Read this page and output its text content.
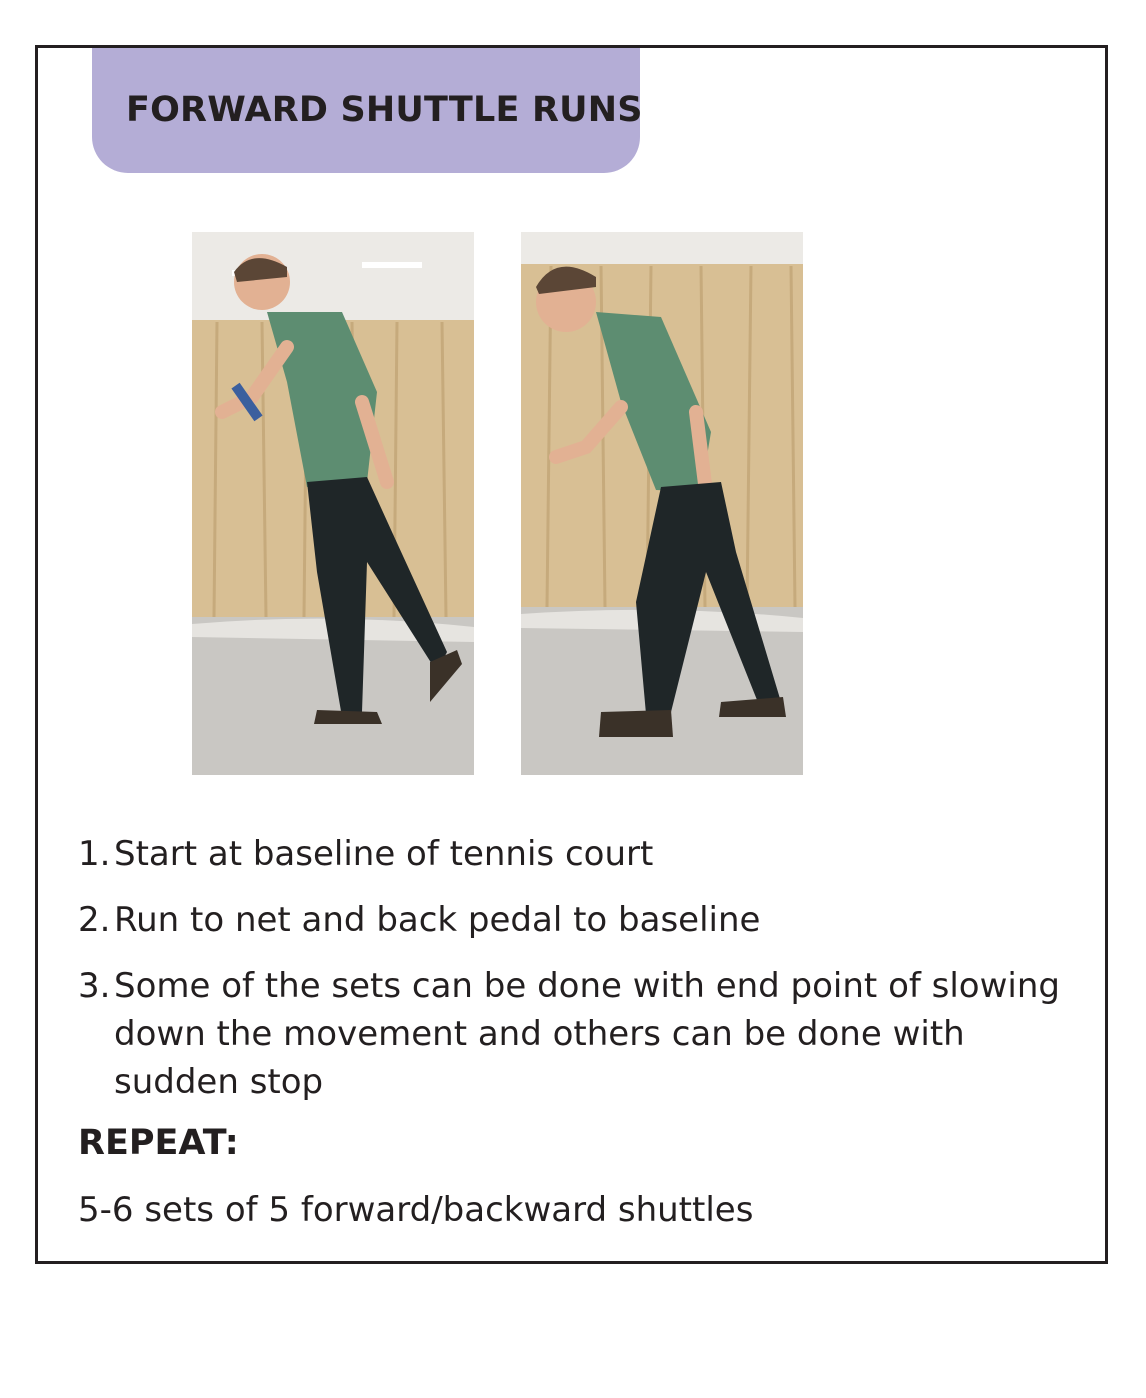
FORWARD SHUTTLE RUNS
1. Start at baseline of tennis court
2. Run to net and back pedal to baseline
3. Some of the sets can be done with end point of slowing
down the movement and others can be done with
sudden stop
REPEAT:
5-6 sets of 5 forward/backward shuttles
